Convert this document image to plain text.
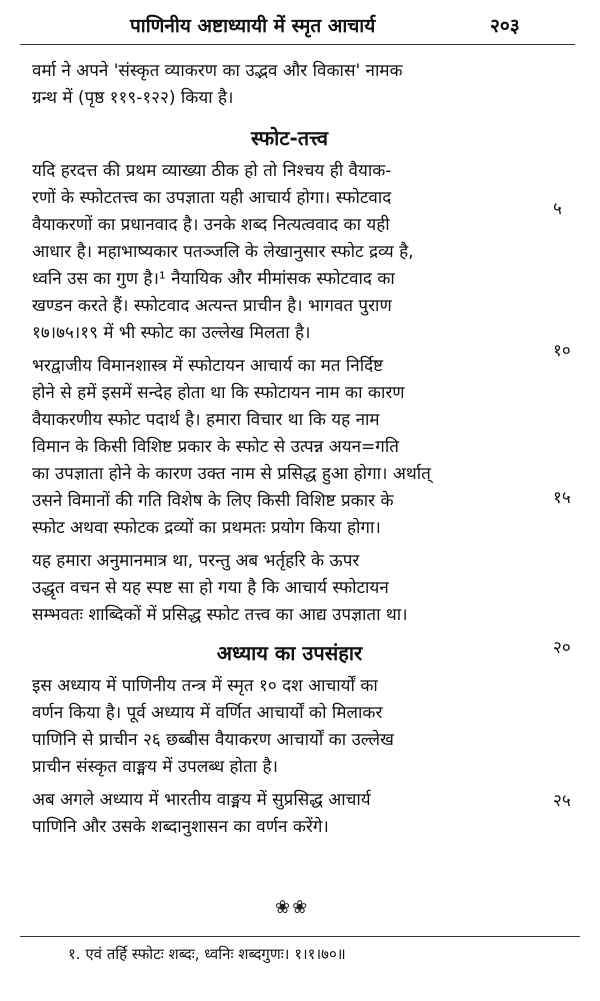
पाणिनीय अष्टाध्यायी में स्मृत आचार्य	२०३
वर्मा ने अपने 'संस्कृत व्याकरण का उद्भव और विकास' नामक
ग्रन्थ में (पृष्ठ ११९-१२२) किया है।
स्फोट-तत्त्व
यदि हरदत्त की प्रथम व्याख्या ठीक हो तो निश्चय ही वैयाक-
रणों के स्फोटतत्त्व का उपज्ञाता यही आचार्य होगा। स्फोटवाद
वैयाकरणों का प्रधानवाद है। उनके शब्द नित्यत्ववाद का यही
आधार है। महाभाष्यकार पतञ्जलि के लेखानुसार स्फोट द्रव्य है,
ध्वनि उस का गुण है।¹ नैयायिक और मीमांसक स्फोटवाद का
खण्डन करते हैं। स्फोटवाद अत्यन्त प्राचीन है। भागवत पुराण
१७।७५।१९ में भी स्फोट का उल्लेख मिलता है।
भरद्वाजीय विमानशास्त्र में स्फोटायन आचार्य का मत निर्दिष्ट
होने से हमें इसमें सन्देह होता था कि स्फोटायन नाम का कारण
वैयाकरणीय स्फोट पदार्थ है। हमारा विचार था कि यह नाम
विमान के किसी विशिष्ट प्रकार के स्फोट से उत्पन्न अयन=गति
का उपज्ञाता होने के कारण उक्त नाम से प्रसिद्ध हुआ होगा। अर्थात्
उसने विमानों की गति विशेष के लिए किसी विशिष्ट प्रकार के
स्फोट अथवा स्फोटक द्रव्यों का प्रथमतः प्रयोग किया होगा।
यह हमारा अनुमानमात्र था, परन्तु अब भर्तृहरि के ऊपर
उद्धृत वचन से यह स्पष्ट सा हो गया है कि आचार्य स्फोटायन
सम्भवतः शाब्दिकों में प्रसिद्ध स्फोट तत्त्व का आद्य उपज्ञाता था।
अध्याय का उपसंहार
इस अध्याय में पाणिनीय तन्त्र में स्मृत १० दश आचार्यों का
वर्णन किया है। पूर्व अध्याय में वर्णित आचार्यों को मिलाकर
पाणिनि से प्राचीन २६ छब्बीस वैयाकरण आचार्यों का उल्लेख
प्राचीन संस्कृत वाङ्मय में उपलब्ध होता है।
अब अगले अध्याय में भारतीय वाङ्मय में सुप्रसिद्ध आचार्य
पाणिनि और उसके शब्दानुशासन का वर्णन करेंगे।
५
१०
१५
२०
२५
❀❀
१. एवं तर्हि स्फोटः शब्दः, ध्वनिः शब्दगुणः। १।१।७०॥
